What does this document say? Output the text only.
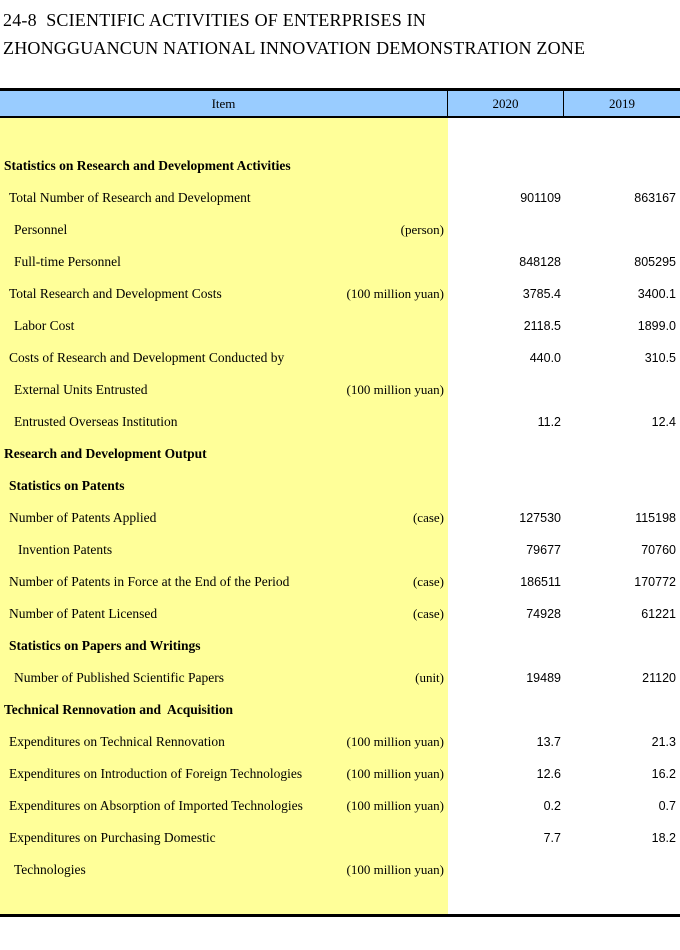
24-8  SCIENTIFIC ACTIVITIES OF ENTERPRISES IN
ZHONGGUANCUN NATIONAL INNOVATION DEMONSTRATION ZONE
Item	2020	2019
Statistics on Research and Development Activities
Total Number of Research and Development	901109	863167
Personnel	(person)
Full-time Personnel	848128	805295
Total Research and Development Costs	(100 million yuan)	3785.4	3400.1
Labor Cost	2118.5	1899.0
Costs of Research and Development Conducted by	440.0	310.5
External Units Entrusted	(100 million yuan)
Entrusted Overseas Institution	11.2	12.4
Research and Development Output
Statistics on Patents
Number of Patents Applied	(case)	127530	115198
Invention Patents	79677	70760
Number of Patents in Force at the End of the Period	(case)	186511	170772
Number of Patent Licensed	(case)	74928	61221
Statistics on Papers and Writings
Number of Published Scientific Papers	(unit)	19489	21120
Technical Rennovation and  Acquisition
Expenditures on Technical Rennovation	(100 million yuan)	13.7	21.3
Expenditures on Introduction of Foreign Technologies	(100 million yuan)	12.6	16.2
Expenditures on Absorption of Imported Technologies	(100 million yuan)	0.2	0.7
Expenditures on Purchasing Domestic	7.7	18.2
Technologies	(100 million yuan)
